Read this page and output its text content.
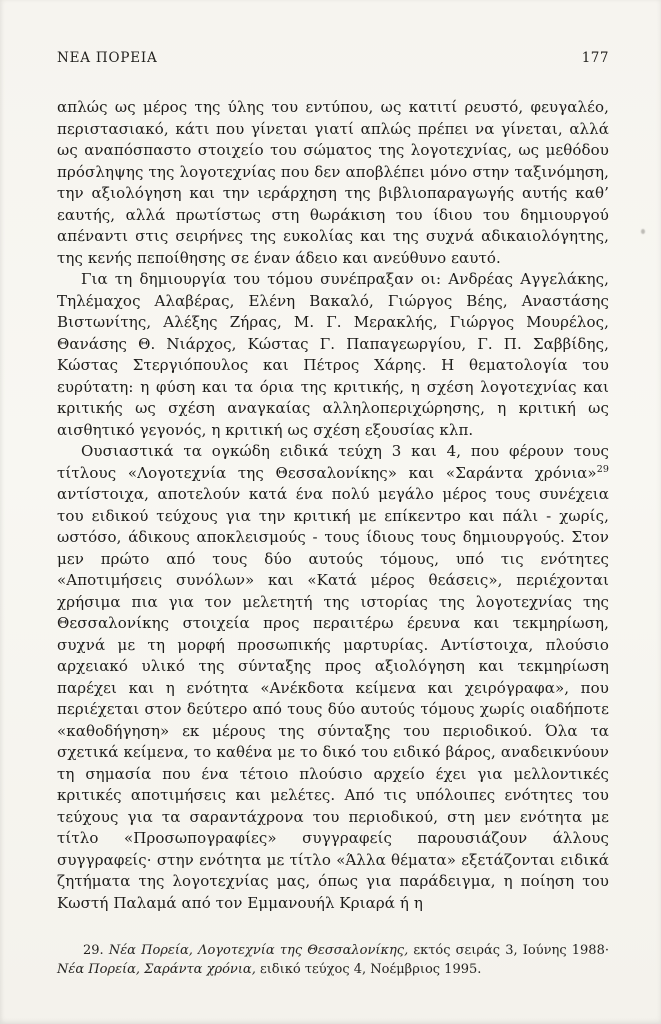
ΝΕΑ ΠΟΡΕΙΑ	177

απλώς ως μέρος της ύλης του εντύπου, ως κατιτί ρευστό, φευγαλέο, περιστασιακό, κάτι που γίνεται γιατί απλώς πρέπει να γίνεται, αλλά ως αναπόσπαστο στοιχείο του σώματος της λογοτεχνίας, ως μεθόδου πρόσληψης της λογοτεχνίας που δεν αποβλέπει μόνο στην ταξινόμηση, την αξιολόγηση και την ιεράρχηση της βιβλιοπαραγωγής αυτής καθ’ εαυτής, αλλά πρωτίστως στη θωράκιση του ίδιου του δημιουργού απέναντι στις σειρήνες της ευκολίας και της συχνά αδικαιολόγητης, της κενής πεποίθησης σε έναν άδειο και ανεύθυνο εαυτό.

Για τη δημιουργία του τόμου συνέπραξαν οι: Ανδρέας Αγγελάκης, Τηλέμαχος Αλαβέρας, Ελένη Βακαλό, Γιώργος Βέης, Αναστάσης Βιστωνίτης, Αλέξης Ζήρας, Μ. Γ. Μερακλής, Γιώργος Μουρέλος, Θανάσης Θ. Νιάρχος, Κώστας Γ. Παπαγεωργίου, Γ. Π. Σαββίδης, Κώστας Στεργιόπουλος και Πέτρος Χάρης. Η θεματολογία του ευρύτατη: η φύση και τα όρια της κριτικής, η σχέση λογοτεχνίας και κριτικής ως σχέση αναγκαίας αλληλοπεριχώρησης, η κριτική ως αισθητικό γεγονός, η κριτική ως σχέση εξουσίας κλπ.

Ουσιαστικά τα ογκώδη ειδικά τεύχη 3 και 4, που φέρουν τους τίτλους «Λογοτεχνία της Θεσσαλονίκης» και «Σαράντα χρόνια»$^{29}$ αντίστοιχα, αποτελούν κατά ένα πολύ μεγάλο μέρος τους συνέχεια του ειδικού τεύχους για την κριτική με επίκεντρο και πάλι - χωρίς, ωστόσο, άδικους αποκλεισμούς - τους ίδιους τους δημιουργούς. Στον μεν πρώτο από τους δύο αυτούς τόμους, υπό τις ενότητες «Αποτιμήσεις συνόλων» και «Κατά μέρος θεάσεις», περιέχονται χρήσιμα πια για τον μελετητή της ιστορίας της λογοτεχνίας της Θεσσαλονίκης στοιχεία προς περαιτέρω έρευνα και τεκμηρίωση, συχνά με τη μορφή προσωπικής μαρτυρίας. Αντίστοιχα, πλούσιο αρχειακό υλικό της σύνταξης προς αξιολόγηση και τεκμηρίωση παρέχει και η ενότητα «Ανέκδοτα κείμενα και χειρόγραφα», που περιέχεται στον δεύτερο από τους δύο αυτούς τόμους χωρίς οιαδήποτε «καθοδήγηση» εκ μέρους της σύνταξης του περιοδικού. Όλα τα σχετικά κείμενα, το καθένα με το δικό του ειδικό βάρος, αναδεικνύουν τη σημασία που ένα τέτοιο πλούσιο αρχείο έχει για μελλοντικές κριτικές αποτιμήσεις και μελέτες. Από τις υπόλοιπες ενότητες του τεύχους για τα σαραντάχρονα του περιοδικού, στη μεν ενότητα με τίτλο «Προσωπογραφίες» συγγραφείς παρουσιάζουν άλλους συγγραφείς· στην ενότητα με τίτλο «Άλλα θέματα» εξετάζονται ειδικά ζητήματα της λογοτεχνίας μας, όπως για παράδειγμα, η ποίηση του Κωστή Παλαμά από τον Εμμανουήλ Κριαρά ή η

29. Νέα Πορεία, Λογοτεχνία της Θεσσαλονίκης, εκτός σειράς 3, Ιούνης 1988· Νέα Πορεία, Σαράντα χρόνια, ειδικό τεύχος 4, Νοέμβριος 1995.
